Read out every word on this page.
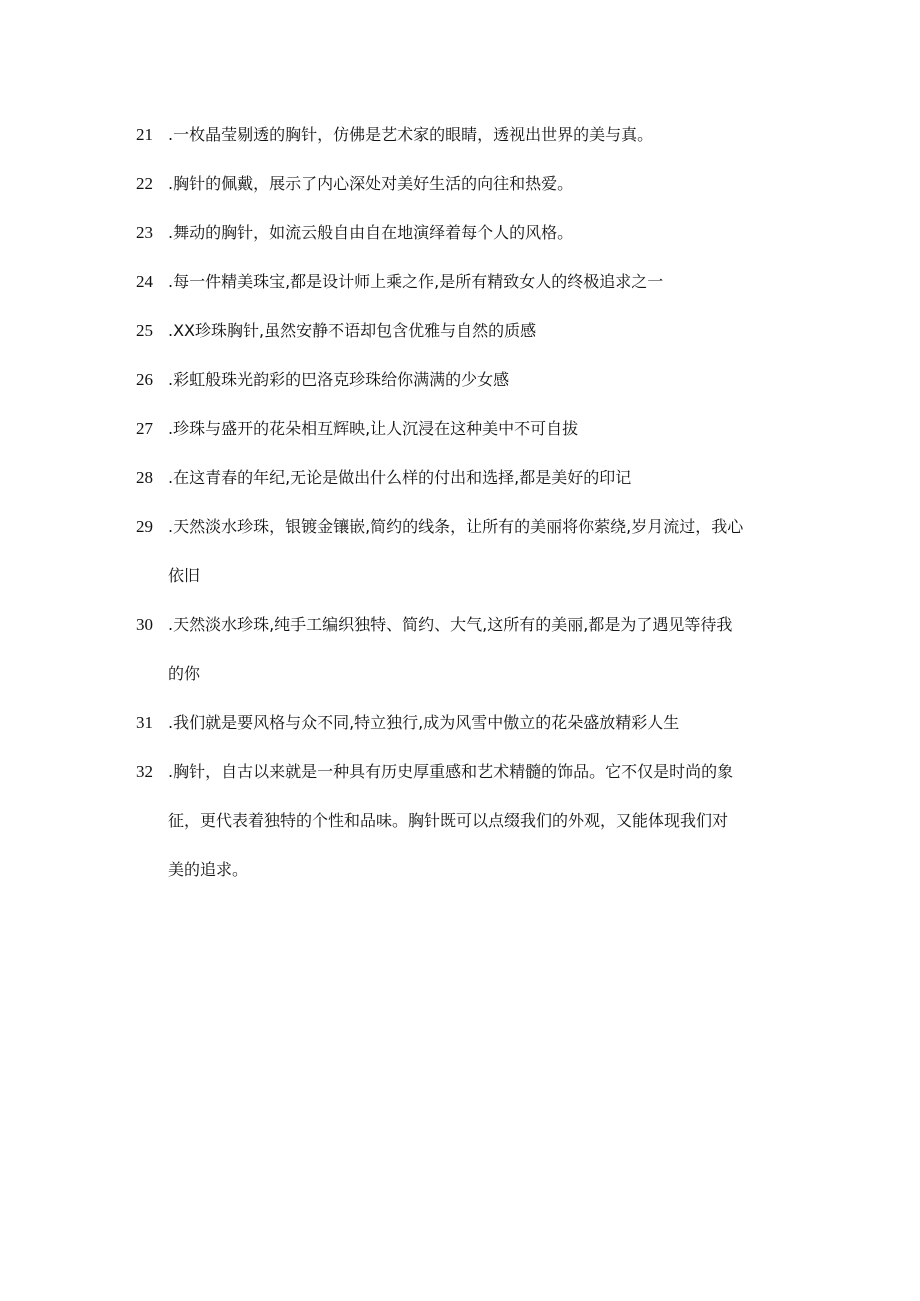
21 .一枚晶莹剔透的胸针，仿佛是艺术家的眼睛，透视出世界的美与真。
22 .胸针的佩戴，展示了内心深处对美好生活的向往和热爱。
23 .舞动的胸针，如流云般自由自在地演绎着每个人的风格。
24 .每一件精美珠宝,都是设计师上乘之作,是所有精致女人的终极追求之一
25 .XX珍珠胸针,虽然安静不语却包含优雅与自然的质感
26 .彩虹般珠光韵彩的巴洛克珍珠给你满满的少女感
27 .珍珠与盛开的花朵相互辉映,让人沉浸在这种美中不可自拔
28 .在这青春的年纪,无论是做出什么样的付出和选择,都是美好的印记
29 .天然淡水珍珠，银镀金镶嵌,简约的线条，让所有的美丽将你萦绕,岁月流过，我心
依旧
30 .天然淡水珍珠,纯手工编织独特、简约、大气,这所有的美丽,都是为了遇见等待我
的你
31 .我们就是要风格与众不同,特立独行,成为风雪中傲立的花朵盛放精彩人生
32 .胸针，自古以来就是一种具有历史厚重感和艺术精髓的饰品。它不仅是时尚的象
征，更代表着独特的个性和品味。胸针既可以点缀我们的外观，又能体现我们对
美的追求。
